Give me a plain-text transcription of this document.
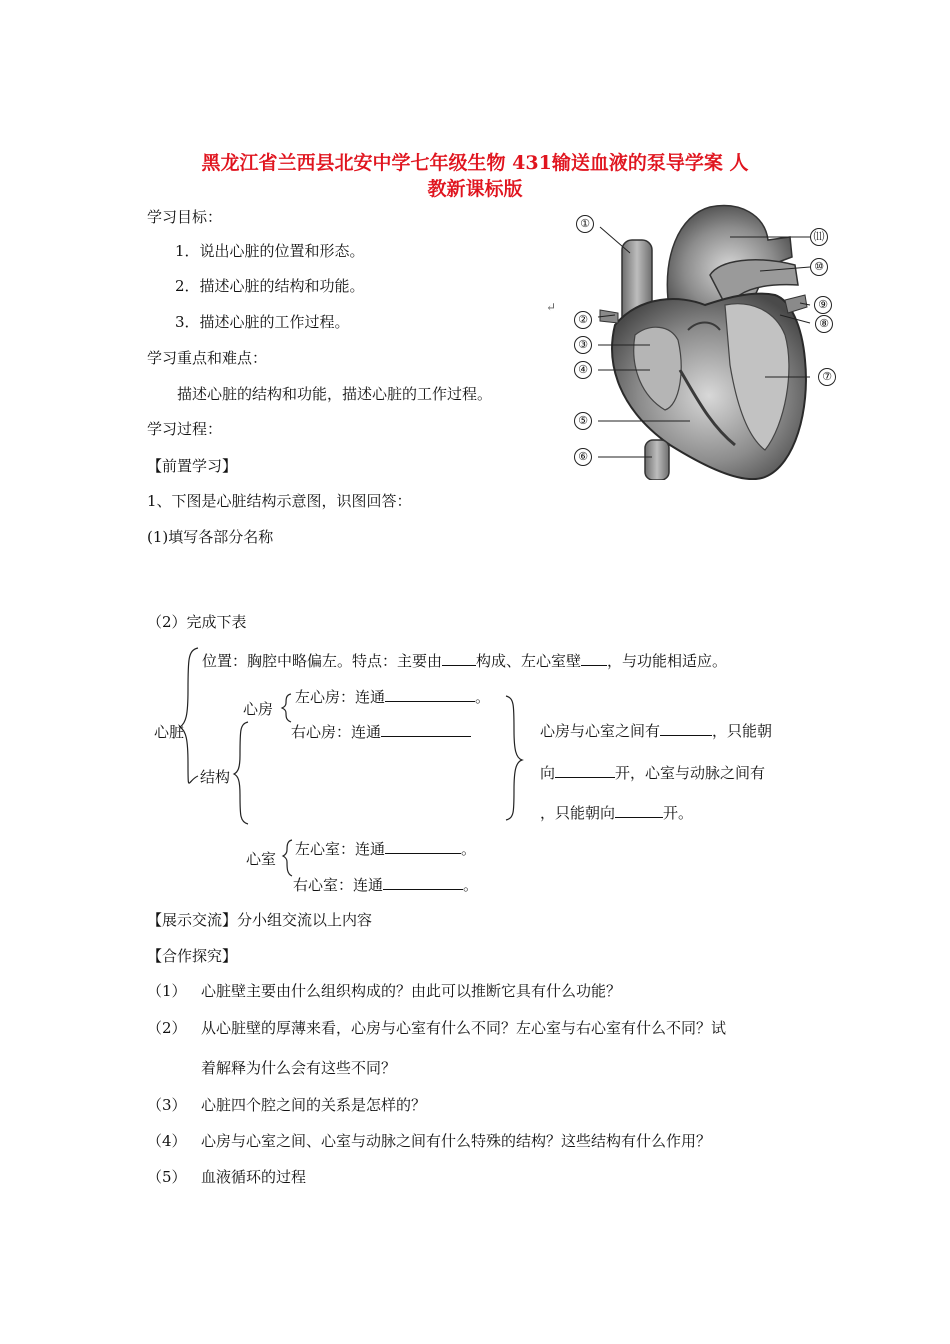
黑龙江省兰西县北安中学七年级生物 431输送血液的泵导学案 人
教新课标版
学习目标：
1．说出心脏的位置和形态。
2．描述心脏的结构和功能。
3．描述心脏的工作过程。
学习重点和难点：
描述心脏的结构和功能，描述心脏的工作过程。
学习过程：
【前置学习】
1、下图是心脏结构示意图，识图回答：
(1)填写各部分名称
①
②
③
④
⑤
⑥
⑦
⑧
⑨
⑩
⑾
↵
（2）完成下表
位置：胸腔中略偏左。特点：主要由 构成、左心室壁 ，与功能相适应。
心脏
结构
心房
左心房：连通	。
右心房：连通	心房与心室之间有	，只能朝
向	开，心室与动脉之间有
，只能朝向	开。
心室
左心室：连通	。
右心室：连通	。
【展示交流】分小组交流以上内容
【合作探究】
（1） 心脏壁主要由什么组织构成的？由此可以推断它具有什么功能？
（2） 从心脏壁的厚薄来看，心房与心室有什么不同？左心室与右心室有什么不同？试
着解释为什么会有这些不同？
（3） 心脏四个腔之间的关系是怎样的？
（4） 心房与心室之间、心室与动脉之间有什么特殊的结构？这些结构有什么作用？
（5） 血液循环的过程
